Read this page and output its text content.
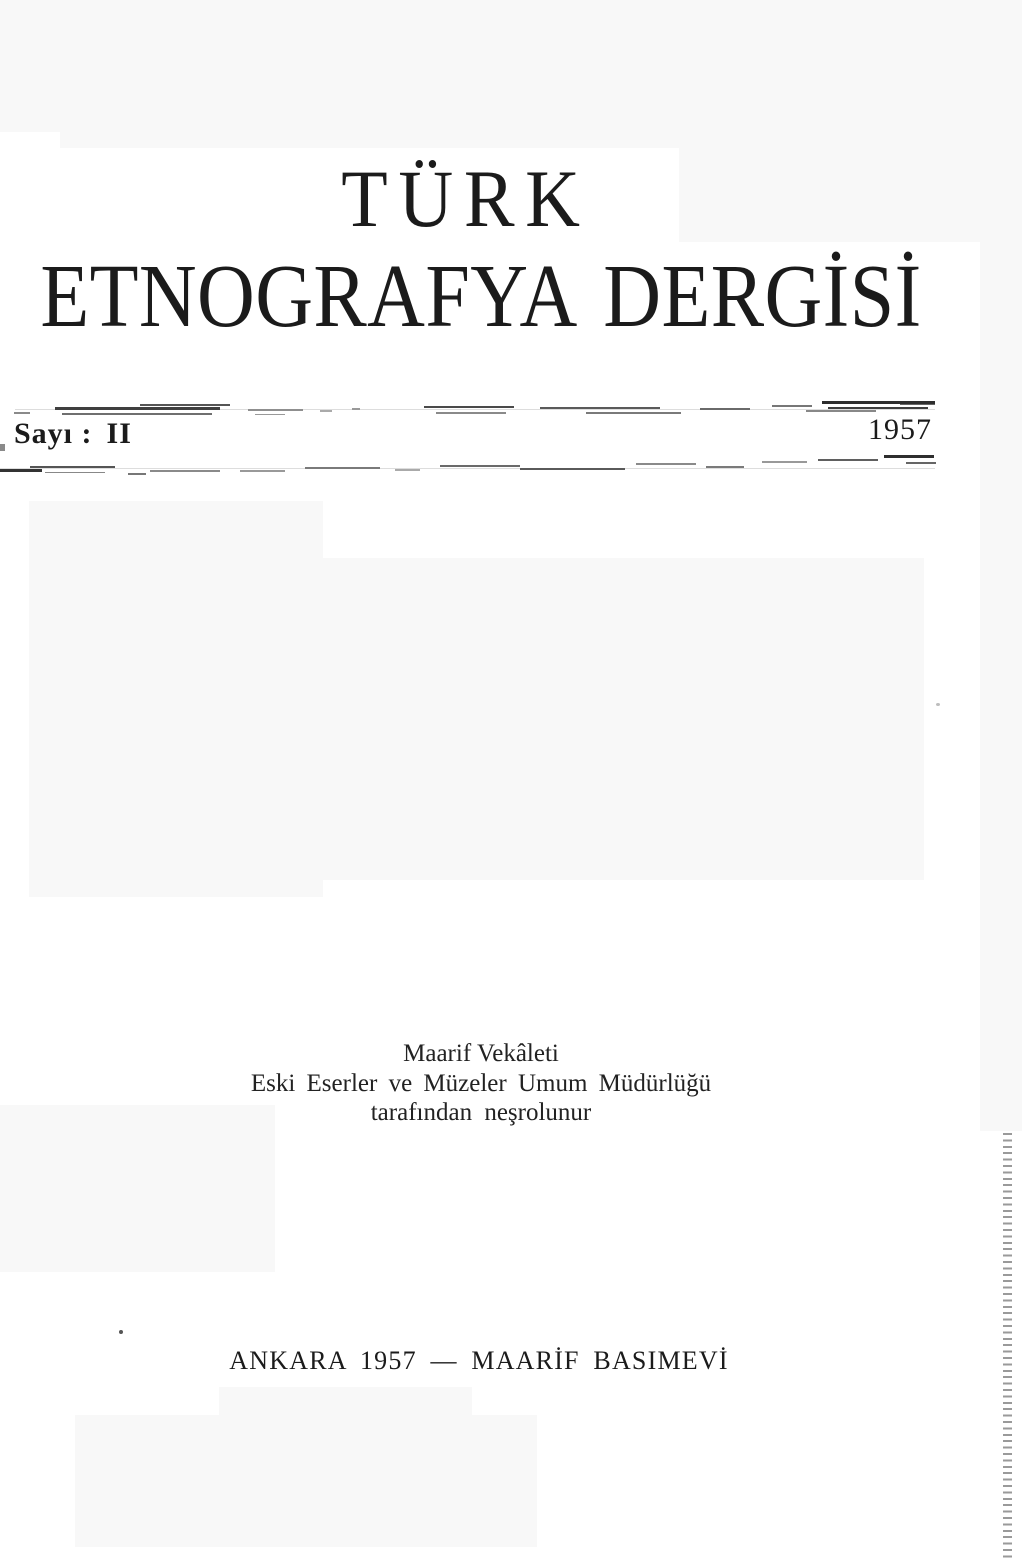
TÜRK
ETNOGRAFYA DERGİSİ
Sayı : II	1957
Maarif Vekâleti
Eski Eserler ve Müzeler Umum Müdürlüğü
tarafından neşrolunur
ANKARA 1957 — MAARİF BASIMEVİ
